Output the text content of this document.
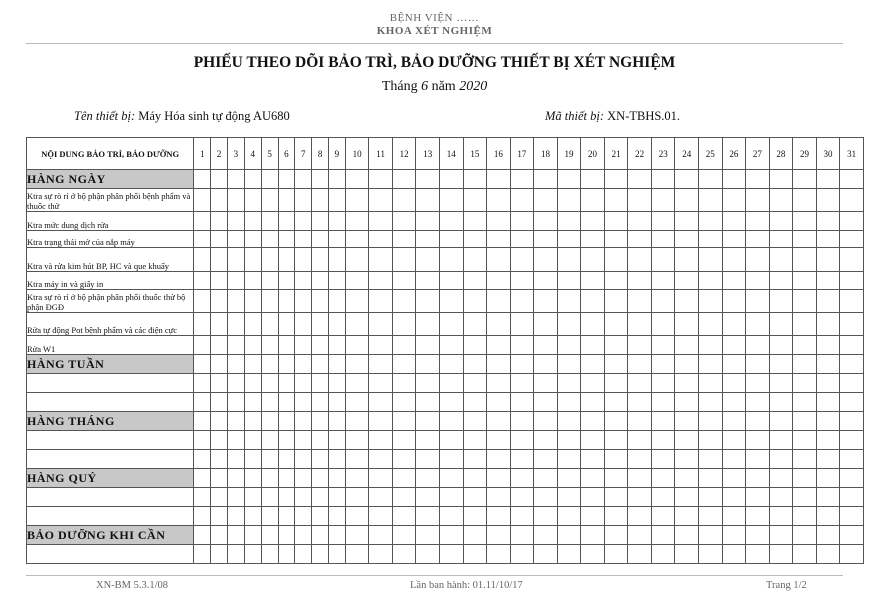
BỆNH VIỆN ……
KHOA XÉT NGHIỆM
PHIẾU THEO DÕI BẢO TRÌ, BẢO DƯỠNG THIẾT BỊ XÉT NGHIỆM
Tháng 6 năm 2020
Tên thiết bị: Máy Hóa sinh tự động AU680	Mã thiết bị: XN-TBHS.01.
NỘI DUNG BẢO TRÌ, BẢO DƯỠNG	1	2	3	4	5	6	7	8	9	10	11	12	13	14	15	16	17	18	19	20	21	22	23	24	25	26	27	28	29	30	31
HÀNG NGÀY																															
Ktra sự rò rỉ ở bộ phận phân phối bệnh phẩm và thuốc thử																															
Ktra mức dung dịch rửa																															
Ktra trạng thái mở của nắp máy																															
Ktra và rửa kim hút BP, HC và que khuấy																															
Ktra máy in và giấy in																															
Ktra sự rò rỉ ở bộ phận phân phối thuốc thử bộ phận ĐGĐ																															
Rửa tự động Pot bệnh phẩm và các điện cực																															
Rửa W1																															
HÀNG TUẦN																															

HÀNG THÁNG																															

HÀNG QUÝ																															

BẢO DƯỠNG KHI CẦN																															

XN-BM 5.3.1/08	Lần ban hành: 01.11/10/17	Trang 1/2
